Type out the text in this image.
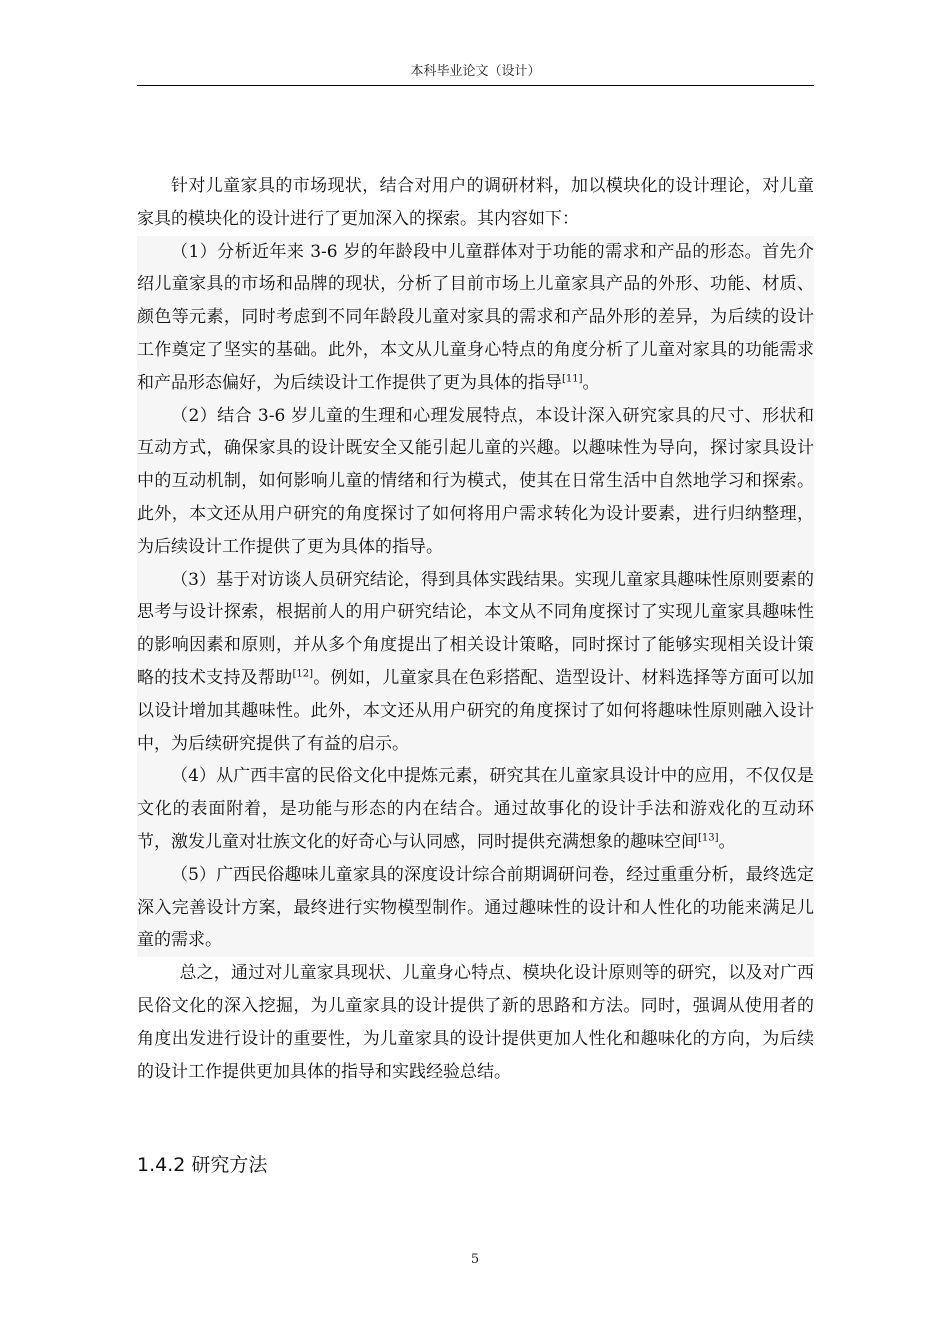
本科毕业论文（设计）

针对儿童家具的市场现状，结合对用户的调研材料，加以模块化的设计理论，对儿童家具的模块化的设计进行了更加深入的探索。其内容如下：

（1）分析近年来 3-6 岁的年龄段中儿童群体对于功能的需求和产品的形态。首先介绍儿童家具的市场和品牌的现状，分析了目前市场上儿童家具产品的外形、功能、材质、颜色等元素，同时考虑到不同年龄段儿童对家具的需求和产品外形的差异，为后续的设计工作奠定了坚实的基础。此外，本文从儿童身心特点的角度分析了儿童对家具的功能需求和产品形态偏好，为后续设计工作提供了更为具体的指导[11]。

（2）结合 3-6 岁儿童的生理和心理发展特点，本设计深入研究家具的尺寸、形状和互动方式，确保家具的设计既安全又能引起儿童的兴趣。以趣味性为导向，探讨家具设计中的互动机制，如何影响儿童的情绪和行为模式，使其在日常生活中自然地学习和探索。此外，本文还从用户研究的角度探讨了如何将用户需求转化为设计要素，进行归纳整理，为后续设计工作提供了更为具体的指导。

（3）基于对访谈人员研究结论，得到具体实践结果。实现儿童家具趣味性原则要素的思考与设计探索，根据前人的用户研究结论，本文从不同角度探讨了实现儿童家具趣味性的影响因素和原则，并从多个角度提出了相关设计策略，同时探讨了能够实现相关设计策略的技术支持及帮助[12]。例如，儿童家具在色彩搭配、造型设计、材料选择等方面可以加以设计增加其趣味性。此外，本文还从用户研究的角度探讨了如何将趣味性原则融入设计中，为后续研究提供了有益的启示。

（4）从广西丰富的民俗文化中提炼元素，研究其在儿童家具设计中的应用，不仅仅是文化的表面附着，是功能与形态的内在结合。通过故事化的设计手法和游戏化的互动环节，激发儿童对壮族文化的好奇心与认同感，同时提供充满想象的趣味空间[13]。

（5）广西民俗趣味儿童家具的深度设计综合前期调研问卷，经过重重分析，最终选定深入完善设计方案，最终进行实物模型制作。通过趣味性的设计和人性化的功能来满足儿童的需求。

总之，通过对儿童家具现状、儿童身心特点、模块化设计原则等的研究，以及对广西民俗文化的深入挖掘，为儿童家具的设计提供了新的思路和方法。同时，强调从使用者的角度出发进行设计的重要性，为儿童家具的设计提供更加人性化和趣味化的方向，为后续的设计工作提供更加具体的指导和实践经验总结。

1.4.2 研究方法
5
